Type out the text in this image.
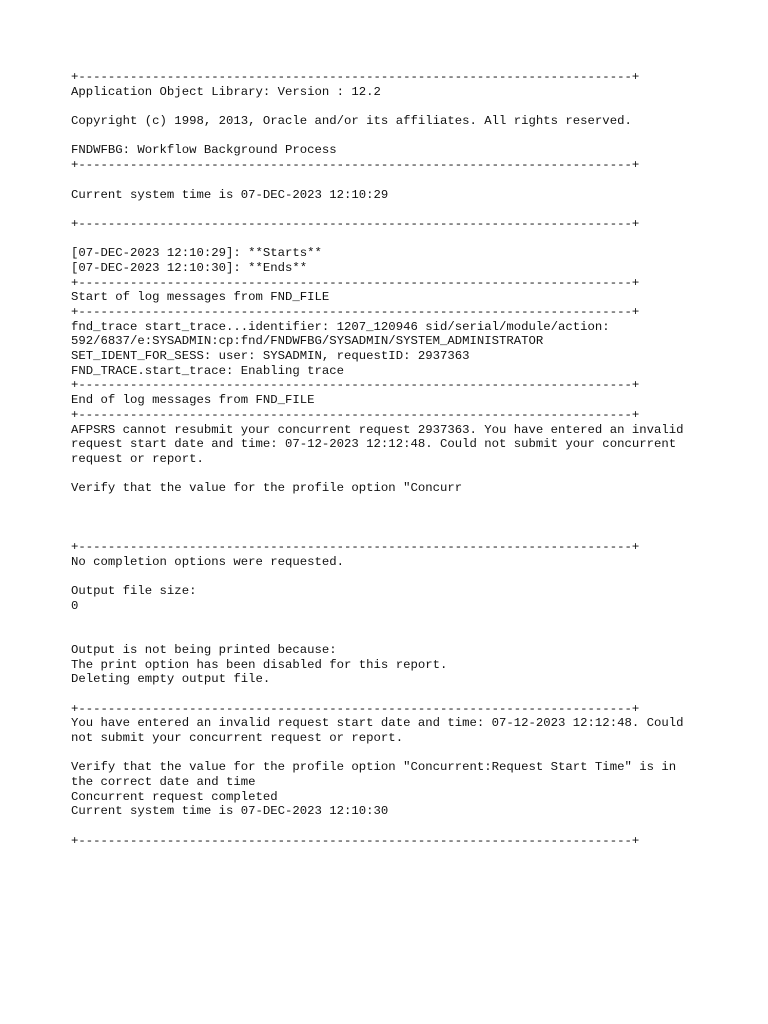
+---------------------------------------------------------------------------+
Application Object Library: Version : 12.2
Copyright (c) 1998, 2013, Oracle and/or its affiliates. All rights reserved.
FNDWFBG: Workflow Background Process
+---------------------------------------------------------------------------+
Current system time is 07-DEC-2023 12:10:29
+---------------------------------------------------------------------------+
[07-DEC-2023 12:10:29]: **Starts**
[07-DEC-2023 12:10:30]: **Ends**
+---------------------------------------------------------------------------+
Start of log messages from FND_FILE
+---------------------------------------------------------------------------+
fnd_trace start_trace...identifier: 1207_120946 sid/serial/module/action:
592/6837/e:SYSADMIN:cp:fnd/FNDWFBG/SYSADMIN/SYSTEM_ADMINISTRATOR
SET_IDENT_FOR_SESS: user: SYSADMIN, requestID: 2937363
FND_TRACE.start_trace: Enabling trace
+---------------------------------------------------------------------------+
End of log messages from FND_FILE
+---------------------------------------------------------------------------+
AFPSRS cannot resubmit your concurrent request 2937363. You have entered an invalid
request start date and time: 07-12-2023 12:12:48. Could not submit your concurrent
request or report.
Verify that the value for the profile option "Concurr
+---------------------------------------------------------------------------+
No completion options were requested.
Output file size:
0
Output is not being printed because:
The print option has been disabled for this report.
Deleting empty output file.
+---------------------------------------------------------------------------+
You have entered an invalid request start date and time: 07-12-2023 12:12:48. Could
not submit your concurrent request or report.
Verify that the value for the profile option "Concurrent:Request Start Time" is in
the correct date and time
Concurrent request completed
Current system time is 07-DEC-2023 12:10:30
+---------------------------------------------------------------------------+
